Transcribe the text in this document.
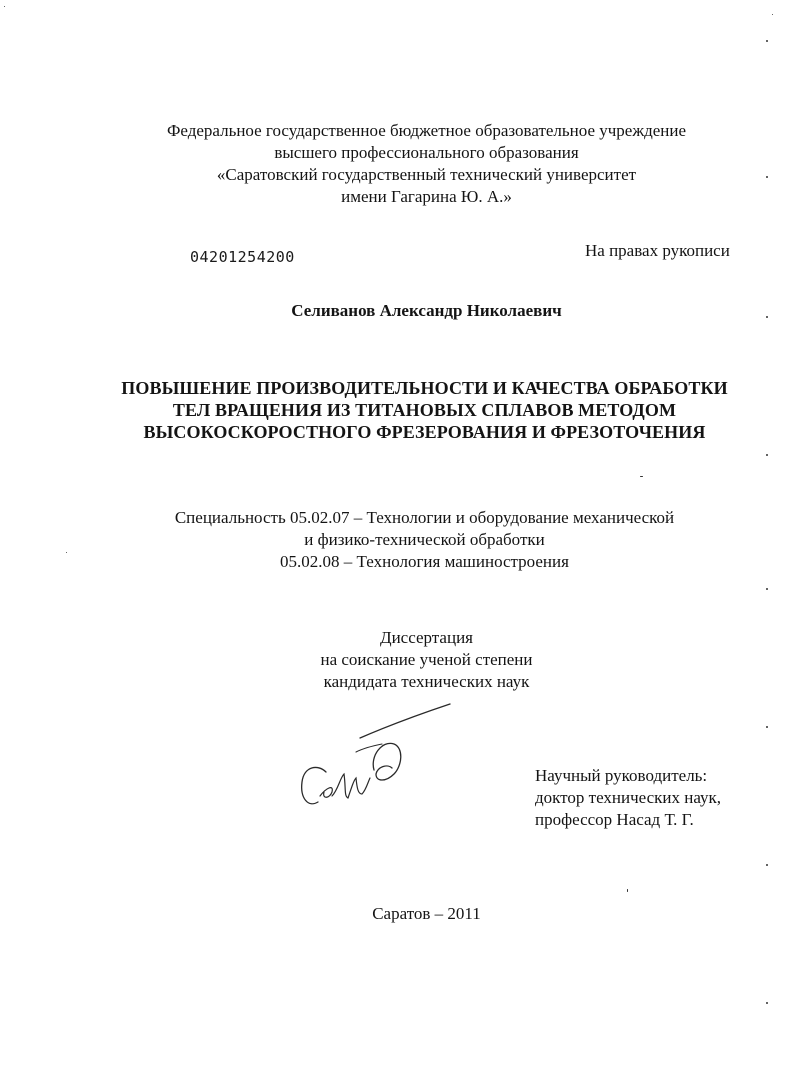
Федеральное государственное бюджетное образовательное учреждение
высшего профессионального образования
«Саратовский государственный технический университет
имени Гагарина Ю. А.»
04201254200	На правах рукописи
Селиванов Александр Николаевич
ПОВЫШЕНИЕ ПРОИЗВОДИТЕЛЬНОСТИ И КАЧЕСТВА ОБРАБОТКИ
ТЕЛ ВРАЩЕНИЯ ИЗ ТИТАНОВЫХ СПЛАВОВ МЕТОДОМ
ВЫСОКОСКОРОСТНОГО ФРЕЗЕРОВАНИЯ И ФРЕЗОТОЧЕНИЯ
Специальность 05.02.07 – Технологии и оборудование механической
и физико-технической обработки
05.02.08 – Технология машиностроения
Диссертация
на соискание ученой степени
кандидата технических наук
Научный руководитель:
доктор технических наук,
профессор Насад Т. Г.
Саратов – 2011
